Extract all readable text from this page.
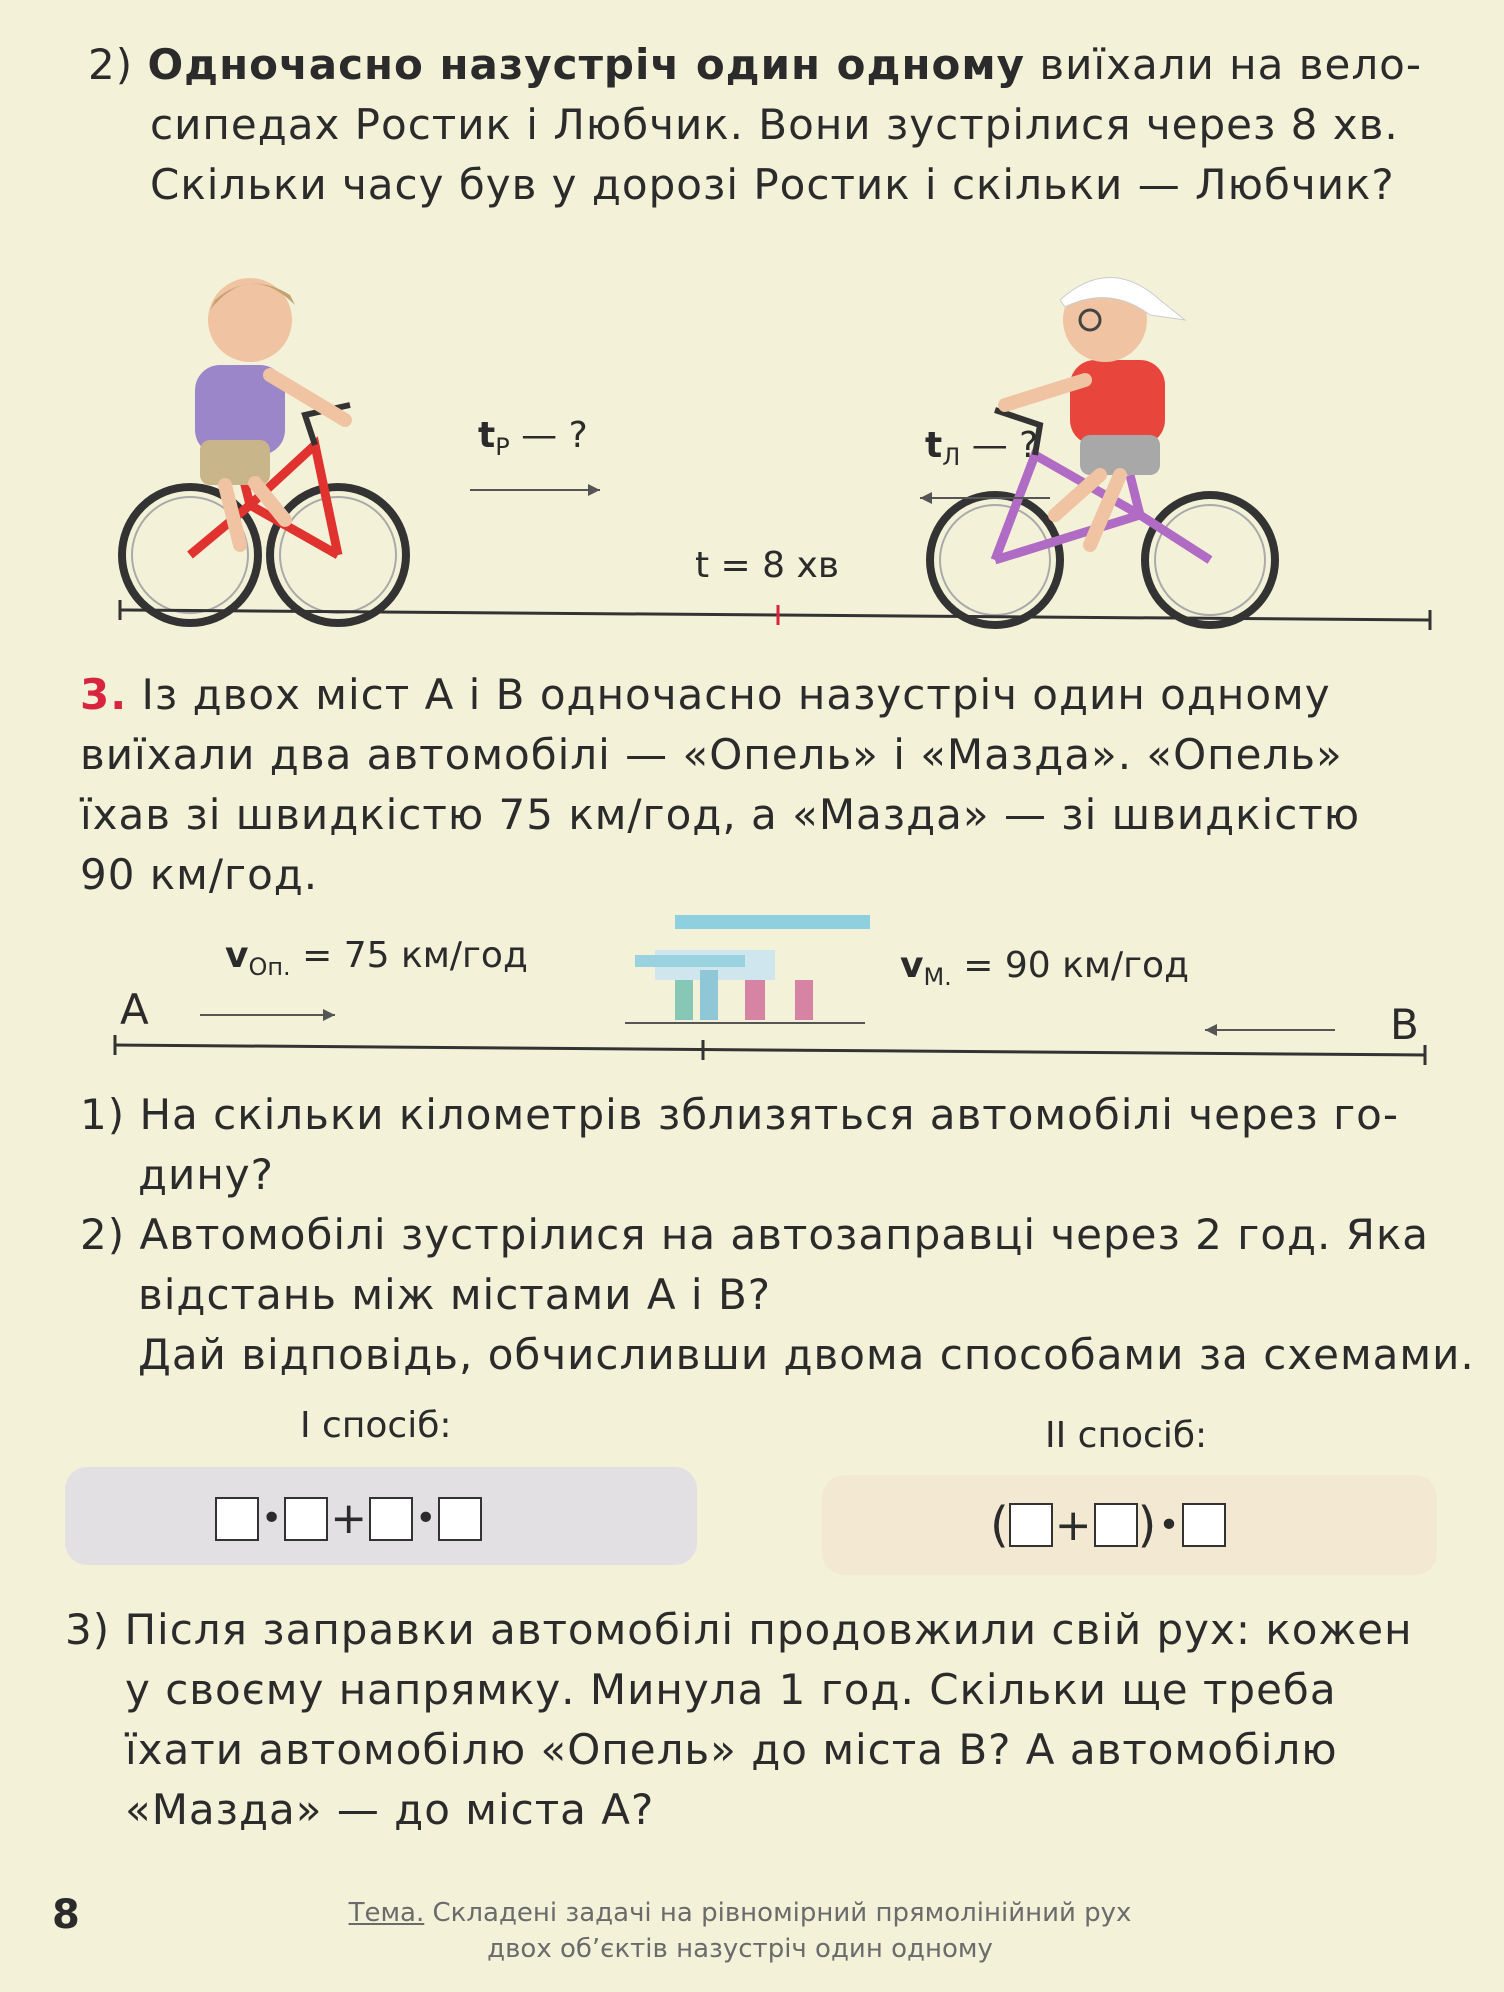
2) Одночасно назустріч один одному виїхали на вело-
сипедах Ростик і Любчик. Вони зустрілися через 8 хв.
Скільки часу був у дорозі Ростик і скільки — Любчик?
$t_Р$ — ?	$t_Л$ — ?
t = 8 хв
3. Із двох міст А і В одночасно назустріч один одному
виїхали два автомобілі — «Опель» і «Мазда». «Опель»
їхав зі швидкістю 75 км/год, а «Мазда» — зі швидкістю
90 км/год.
$v_{Оп.} = 75$ км/год	$v_{М.} = 90$ км/год
А	В
1) На скільки кілометрів зблизяться автомобілі через го-
дину?
2) Автомобілі зустрілися на автозаправці через 2 год. Яка
відстань між містами А і В?
Дай відповідь, обчисливши двома способами за схемами.
І спосіб:	ІІ спосіб:
• + •	( + )•
3) Після заправки автомобілі продовжили свій рух: кожен
у своєму напрямку. Минула 1 год. Скільки ще треба
їхати автомобілю «Опель» до міста В? А автомобілю
«Мазда» — до міста А?
8	Тема. Складені задачі на рівномірний прямолінійний рух
двох об’єктів назустріч один одному
